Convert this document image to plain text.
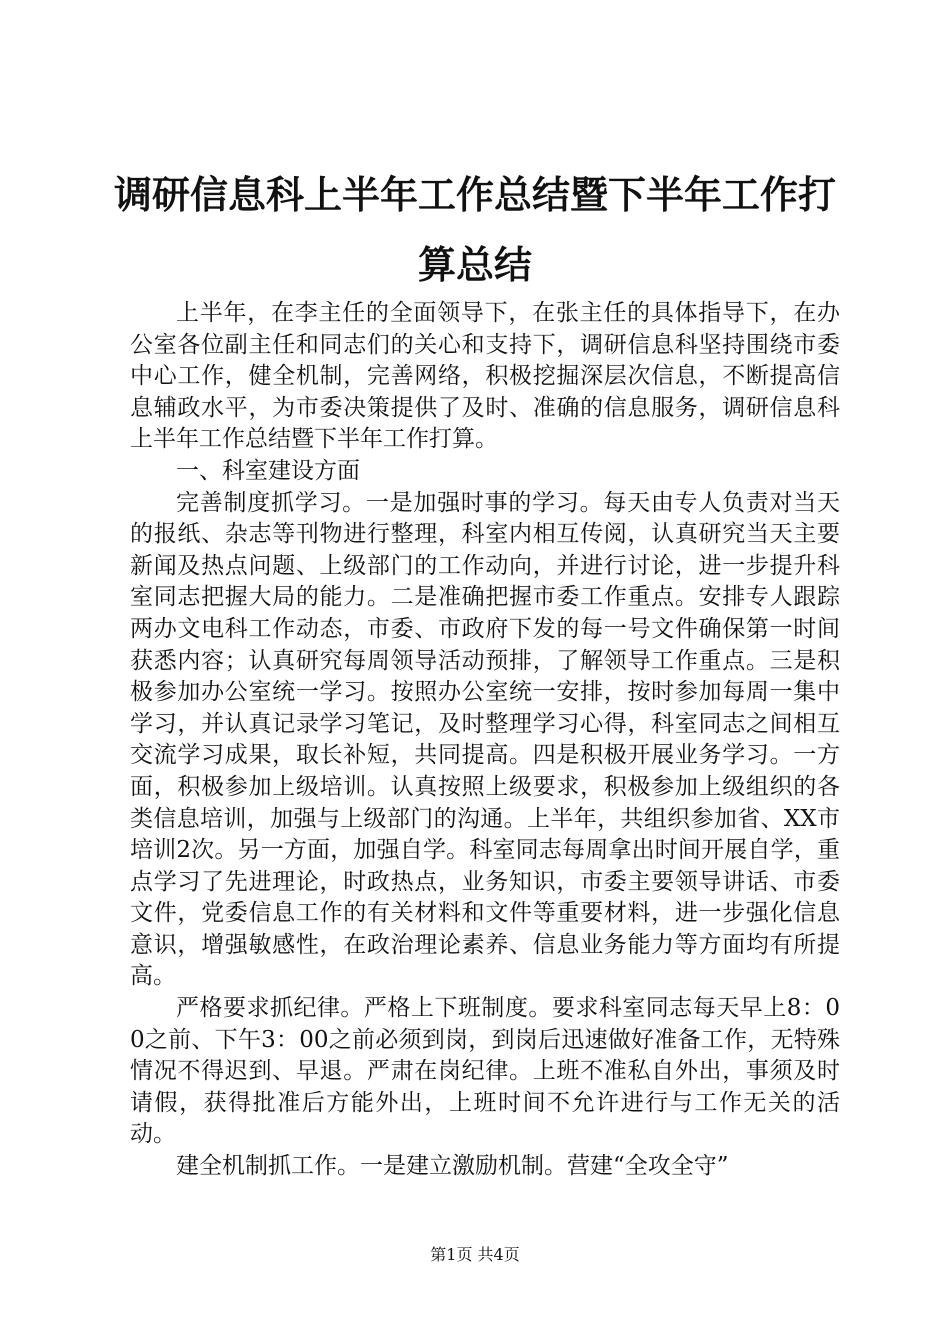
调研信息科上半年工作总结暨下半年工作打算总结

上半年，在李主任的全面领导下，在张主任的具体指导下，在办公室各位副主任和同志们的关心和支持下，调研信息科坚持围绕市委中心工作，健全机制，完善网络，积极挖掘深层次信息，不断提高信息辅政水平，为市委决策提供了及时、准确的信息服务，调研信息科上半年工作总结暨下半年工作打算。

一、科室建设方面

完善制度抓学习。一是加强时事的学习。每天由专人负责对当天的报纸、杂志等刊物进行整理，科室内相互传阅，认真研究当天主要新闻及热点问题、上级部门的工作动向，并进行讨论，进一步提升科室同志把握大局的能力。二是准确把握市委工作重点。安排专人跟踪两办文电科工作动态，市委、市政府下发的每一号文件确保第一时间获悉内容；认真研究每周领导活动预排，了解领导工作重点。三是积极参加办公室统一学习。按照办公室统一安排，按时参加每周一集中学习，并认真记录学习笔记，及时整理学习心得，科室同志之间相互交流学习成果，取长补短，共同提高。四是积极开展业务学习。一方面，积极参加上级培训。认真按照上级要求，积极参加上级组织的各类信息培训，加强与上级部门的沟通。上半年，共组织参加省、XX市培训2次。另一方面，加强自学。科室同志每周拿出时间开展自学，重点学习了先进理论，时政热点，业务知识，市委主要领导讲话、市委文件，党委信息工作的有关材料和文件等重要材料，进一步强化信息意识，增强敏感性，在政治理论素养、信息业务能力等方面均有所提高。

严格要求抓纪律。严格上下班制度。要求科室同志每天早上8：00之前、下午3：00之前必须到岗，到岗后迅速做好准备工作，无特殊情况不得迟到、早退。严肃在岗纪律。上班不准私自外出，事须及时请假，获得批准后方能外出，上班时间不允许进行与工作无关的活动。

建全机制抓工作。一是建立激励机制。营建“全攻全守”

第1页 共4页
